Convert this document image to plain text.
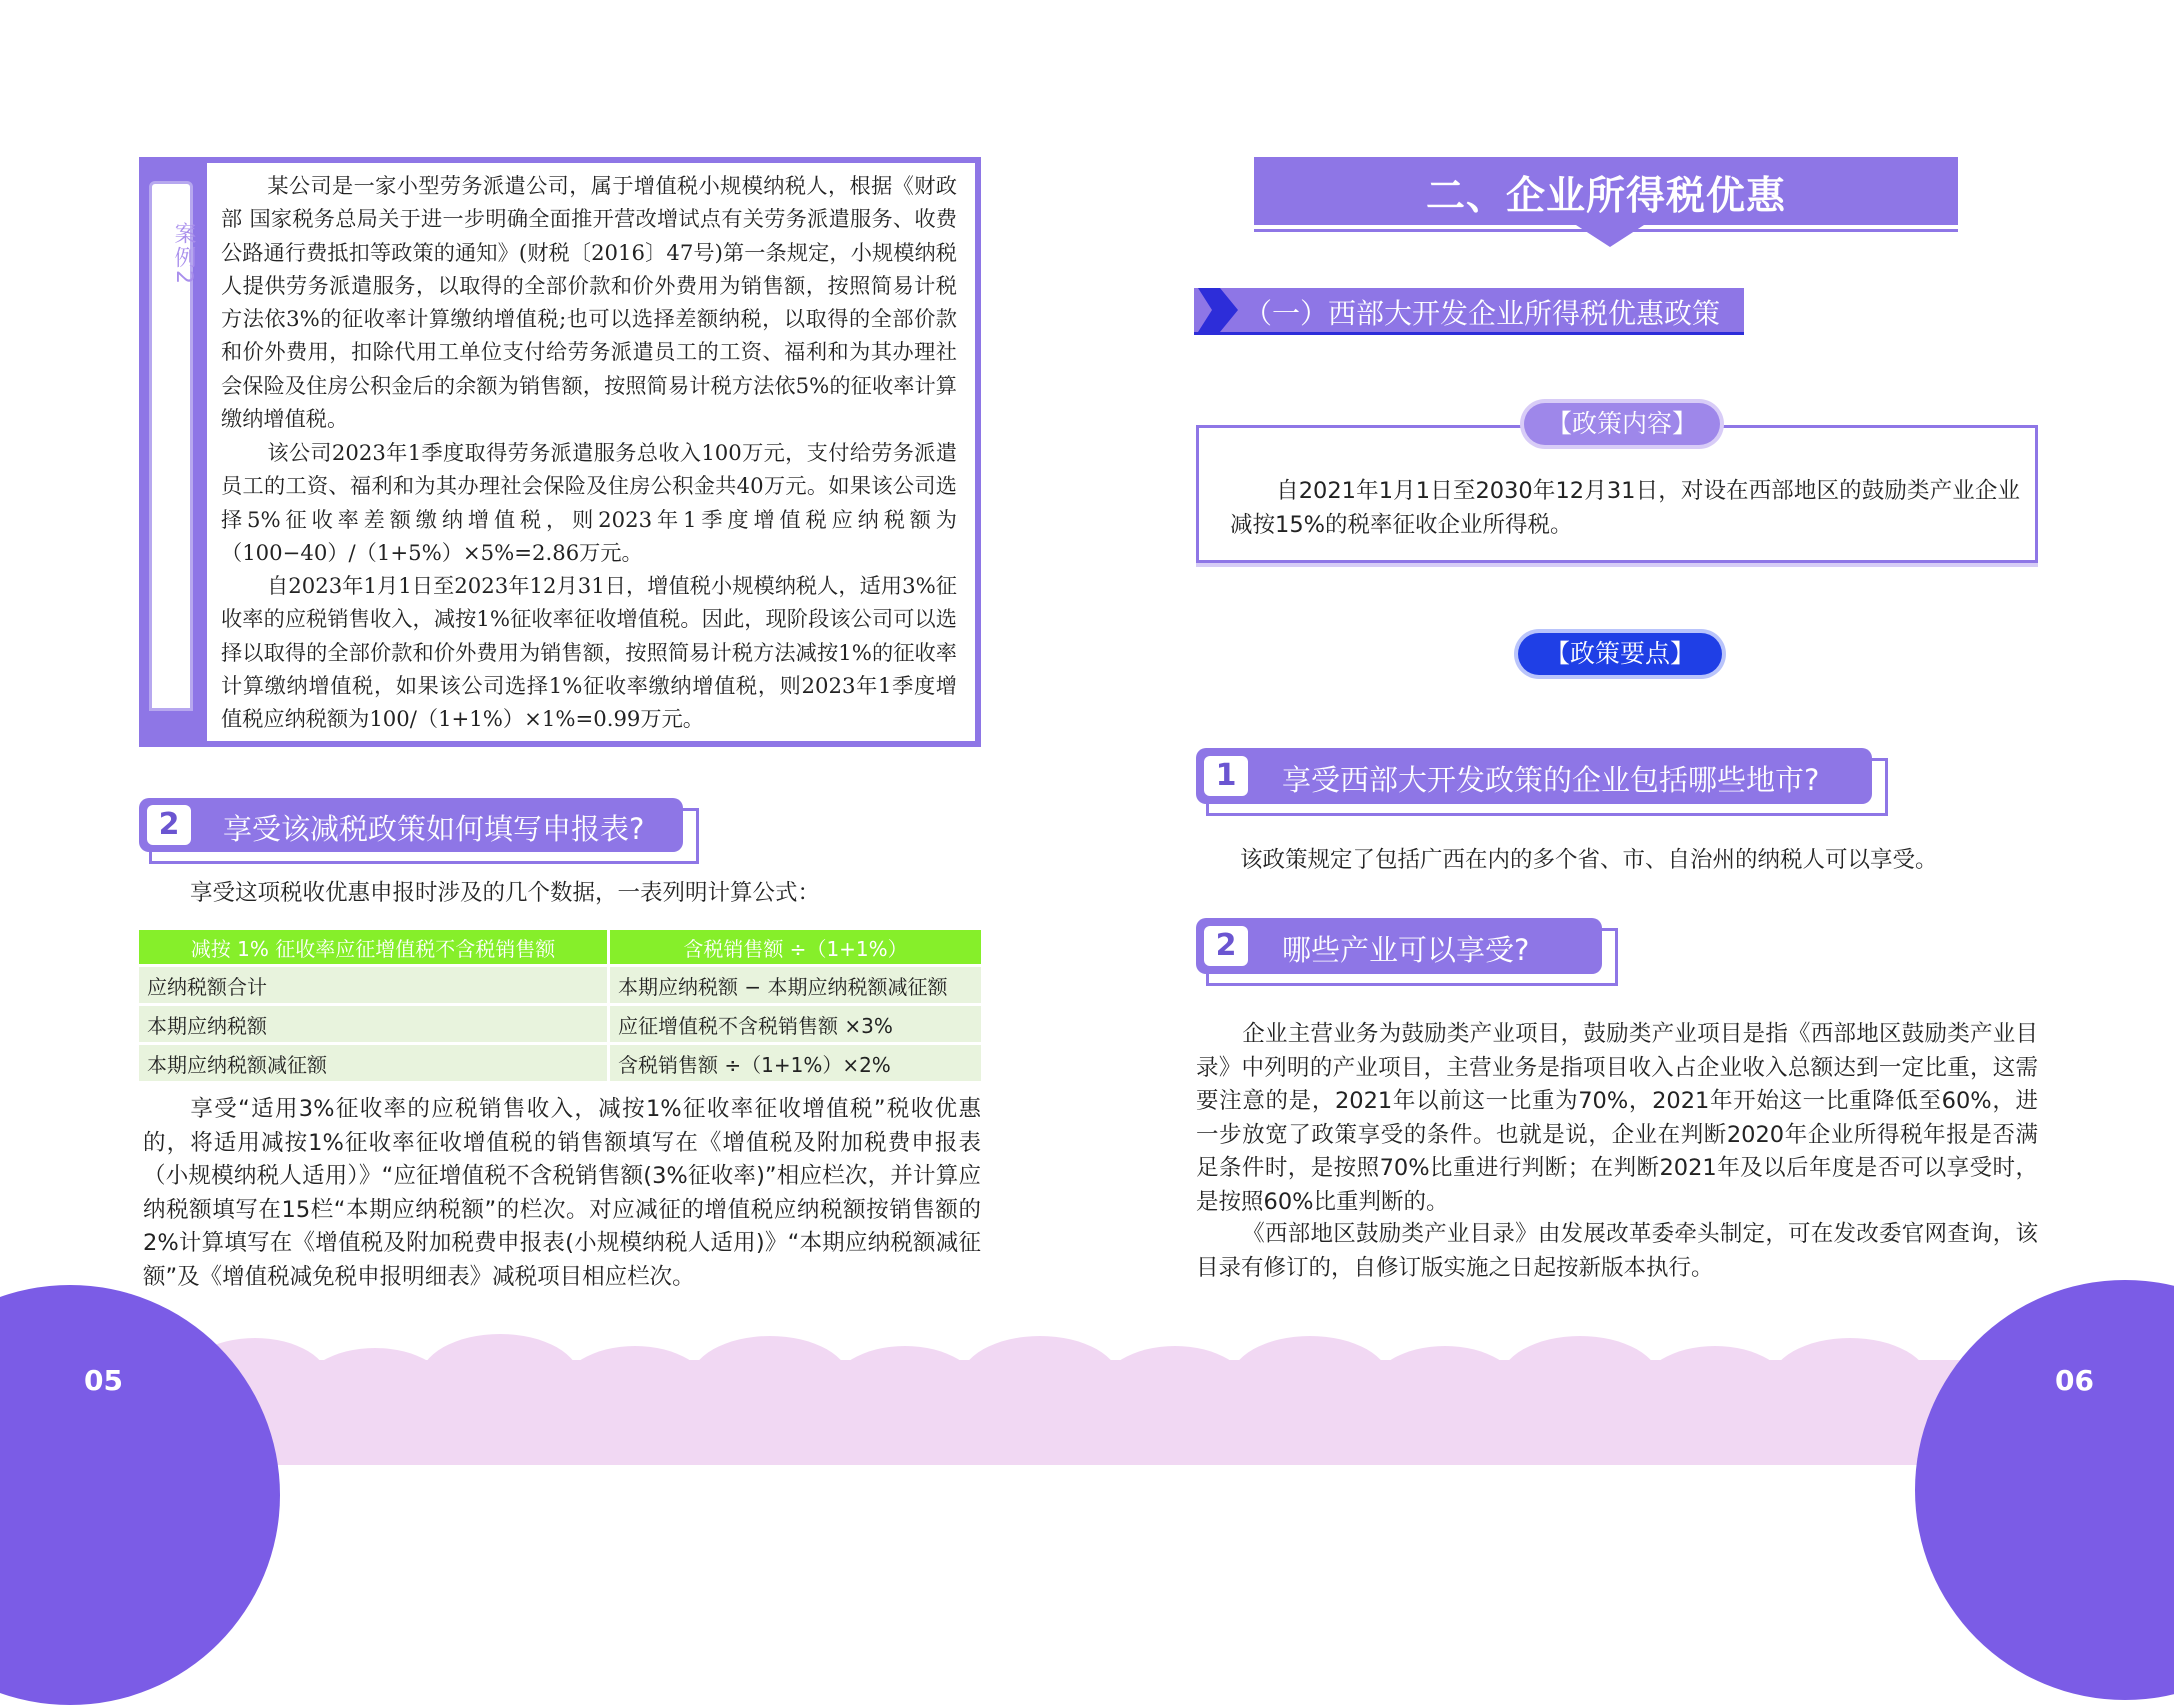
案例2

某公司是一家小型劳务派遣公司，属于增值税小规模纳税人，根据《财政部 国家税务总局关于进一步明确全面推开营改增试点有关劳务派遣服务、收费公路通行费抵扣等政策的通知》(财税〔2016〕47号)第一条规定，小规模纳税人提供劳务派遣服务，以取得的全部价款和价外费用为销售额，按照简易计税方法依3%的征收率计算缴纳增值税;也可以选择差额纳税，以取得的全部价款和价外费用，扣除代用工单位支付给劳务派遣员工的工资、福利和为其办理社会保险及住房公积金后的余额为销售额，按照简易计税方法依5%的征收率计算缴纳增值税。

该公司2023年1季度取得劳务派遣服务总收入100万元，支付给劳务派遣员工的工资、福利和为其办理社会保险及住房公积金共40万元。如果该公司选择5%征收率差额缴纳增值税，则2023年1季度增值税应纳税额为（100−40）/（1+5%）×5%=2.86万元。

自2023年1月1日至2023年12月31日，增值税小规模纳税人，适用3%征收率的应税销售收入，减按1%征收率征收增值税。因此，现阶段该公司可以选择以取得的全部价款和价外费用为销售额，按照简易计税方法减按1%的征收率计算缴纳增值税，如果该公司选择1%征收率缴纳增值税，则2023年1季度增值税应纳税额为100/（1+1%）×1%=0.99万元。

2	享受该减税政策如何填写申报表?

享受这项税收优惠申报时涉及的几个数据，一表列明计算公式：

减按 1% 征收率应征增值税不含税销售额	含税销售额 ÷（1+1%）
应纳税额合计	本期应纳税额 − 本期应纳税额减征额
本期应纳税额	应征增值税不含税销售额 ×3%
本期应纳税额减征额	含税销售额 ÷（1+1%）×2%

享受“适用3%征收率的应税销售收入，减按1%征收率征收增值税”税收优惠的，将适用减按1%征收率征收增值税的销售额填写在《增值税及附加税费申报表（小规模纳税人适用）》“应征增值税不含税销售额(3%征收率)”相应栏次，并计算应纳税额填写在15栏“本期应纳税额”的栏次。对应减征的增值税应纳税额按销售额的2%计算填写在《增值税及附加税费申报表(小规模纳税人适用)》“本期应纳税额减征额”及《增值税减免税申报明细表》减税项目相应栏次。

二、企业所得税优惠
（一）西部大开发企业所得税优惠政策
【政策内容】

自2021年1月1日至2030年12月31日，对设在西部地区的鼓励类产业企业减按15%的税率征收企业所得税。

【政策要点】
1	享受西部大开发政策的企业包括哪些地市?

该政策规定了包括广西在内的多个省、市、自治州的纳税人可以享受。

2	哪些产业可以享受?

企业主营业务为鼓励类产业项目，鼓励类产业项目是指《西部地区鼓励类产业目录》中列明的产业项目，主营业务是指项目收入占企业收入总额达到一定比重，这需要注意的是，2021年以前这一比重为70%，2021年开始这一比重降低至60%，进一步放宽了政策享受的条件。也就是说，企业在判断2020年企业所得税年报是否满足条件时，是按照70%比重进行判断；在判断2021年及以后年度是否可以享受时，是按照60%比重判断的。

《西部地区鼓励类产业目录》由发展改革委牵头制定，可在发改委官网查询，该目录有修订的，自修订版实施之日起按新版本执行。

05	06
